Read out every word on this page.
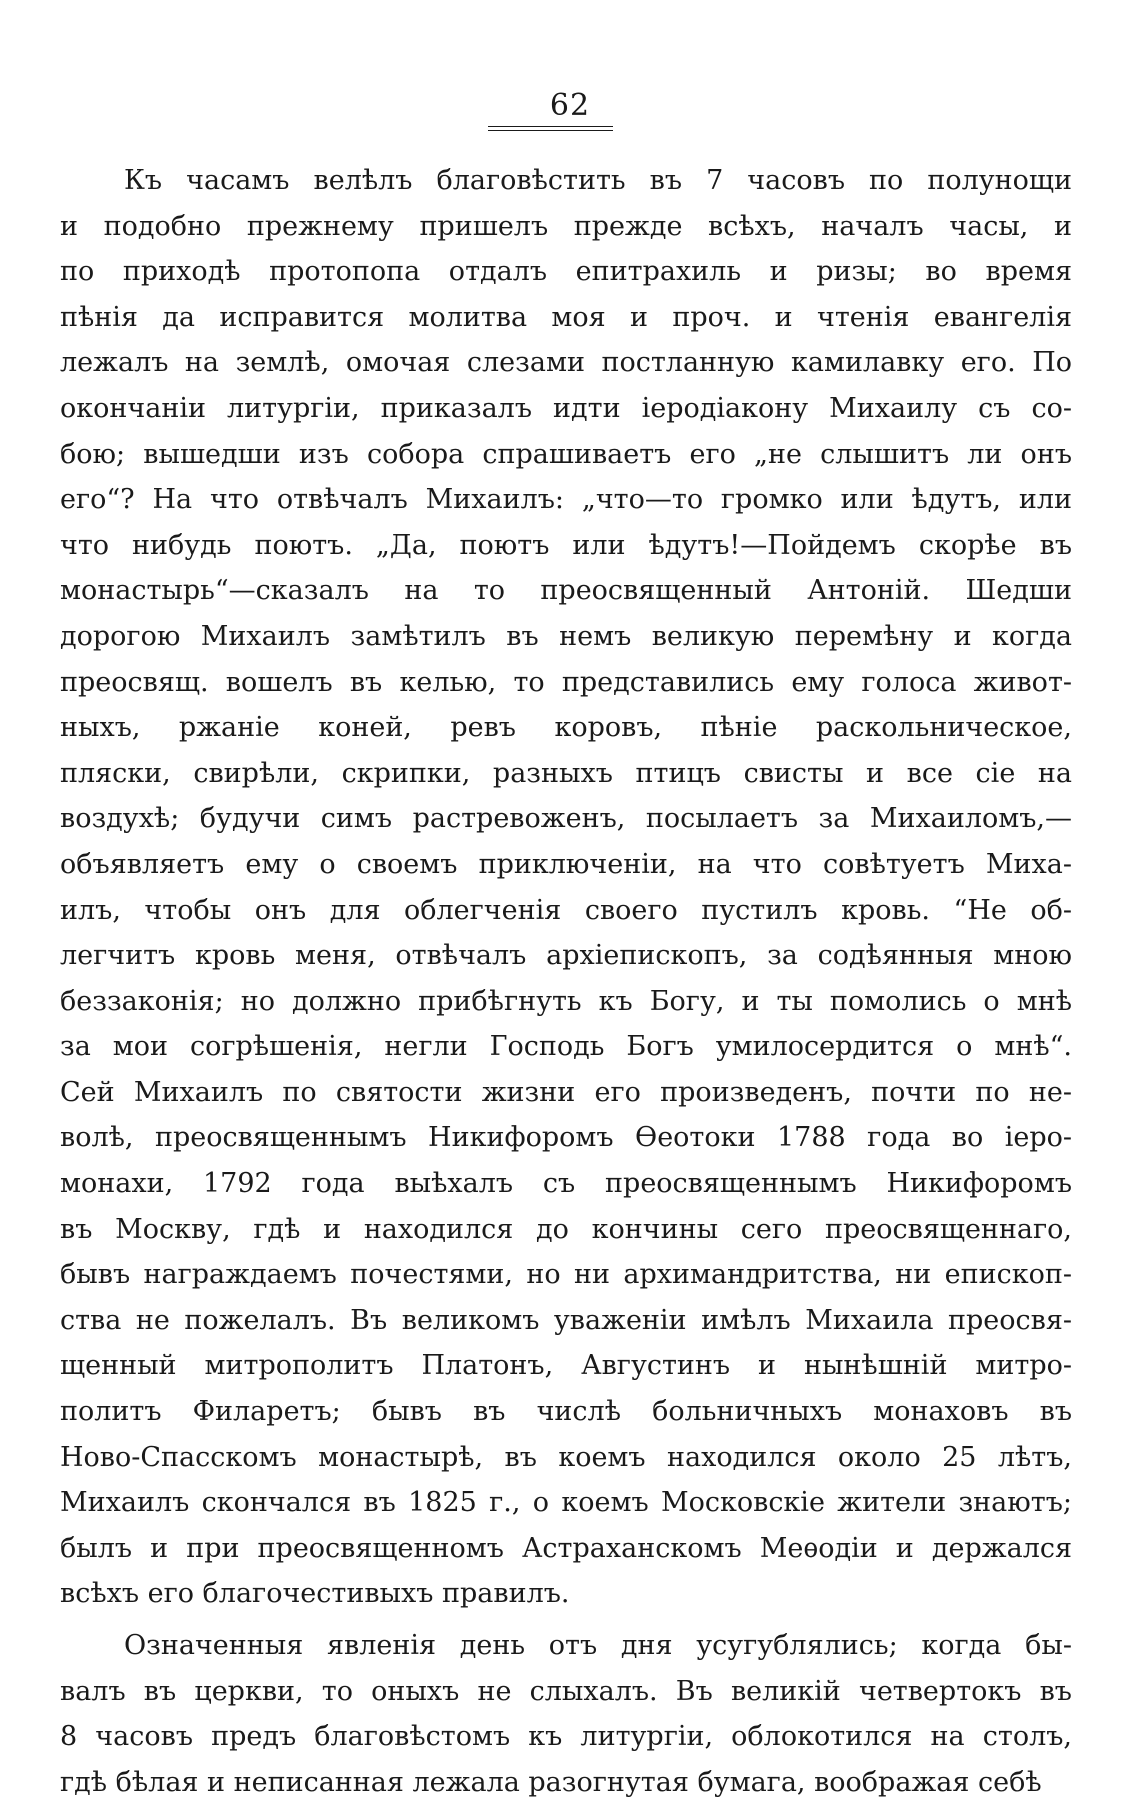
62
Къ часамъ велѣлъ благовѣстить въ 7 часовъ по полунощи
и подобно прежнему пришелъ прежде всѣхъ, началъ часы, и
по приходѣ протопопа отдалъ епитрахиль и ризы; во время
пѣнія да исправится молитва моя и проч. и чтенія евангелія
лежалъ на землѣ, омочая слезами постланную камилавку его. По
окончаніи литургіи, приказалъ идти іеродіакону Михаилу съ со-
бою; вышедши изъ собора спрашиваетъ его „не слышитъ ли онъ
его“? На что отвѣчалъ Михаилъ: „что—то громко или ѣдутъ, или
что нибудь поютъ. „Да, поютъ или ѣдутъ!—Пойдемъ скорѣе въ
монастырь“—сказалъ на то преосвященный Антоній. Шедши
дорогою Михаилъ замѣтилъ въ немъ великую перемѣну и когда
преосвящ. вошелъ въ келью, то представились ему голоса живот-
ныхъ, ржаніе коней, ревъ коровъ, пѣніе раскольническое,
пляски, свирѣли, скрипки, разныхъ птицъ свисты и все сіе на
воздухѣ; будучи симъ растревоженъ, посылаетъ за Михаиломъ,—
объявляетъ ему о своемъ приключеніи, на что совѣтуетъ Миха-
илъ, чтобы онъ для облегченія своего пустилъ кровь. “Не об-
легчитъ кровь меня, отвѣчалъ архіепископъ, за содѣянныя мною
беззаконія; но должно прибѣгнуть къ Богу, и ты помолись о мнѣ
за мои согрѣшенія, негли Господь Богъ умилосердится о мнѣ“.
Сей Михаилъ по святости жизни его произведенъ, почти по не-
волѣ, преосвященнымъ Никифоромъ Ѳеотоки 1788 года во іеро-
монахи, 1792 года выѣхалъ съ преосвященнымъ Никифоромъ
въ Москву, гдѣ и находился до кончины сего преосвященнаго,
бывъ награждаемъ почестями, но ни архимандритства, ни епископ-
ства не пожелалъ. Въ великомъ уваженіи имѣлъ Михаила преосвя-
щенный митрополитъ Платонъ, Августинъ и нынѣшній митро-
политъ Филаретъ; бывъ въ числѣ больничныхъ монаховъ въ
Ново-Спасскомъ монастырѣ, въ коемъ находился около 25 лѣтъ,
Михаилъ скончался въ 1825 г., о коемъ Московскіе жители знаютъ;
былъ и при преосвященномъ Астраханскомъ Меѳодіи и держался
всѣхъ его благочестивыхъ правилъ.
Означенныя явленія день отъ дня усугублялись; когда бы-
валъ въ церкви, то оныхъ не слыхалъ. Въ великій четвертокъ въ
8 часовъ предъ благовѣстомъ къ литургіи, облокотился на столъ,
гдѣ бѣлая и неписанная лежала разогнутая бумага, воображая себѣ
